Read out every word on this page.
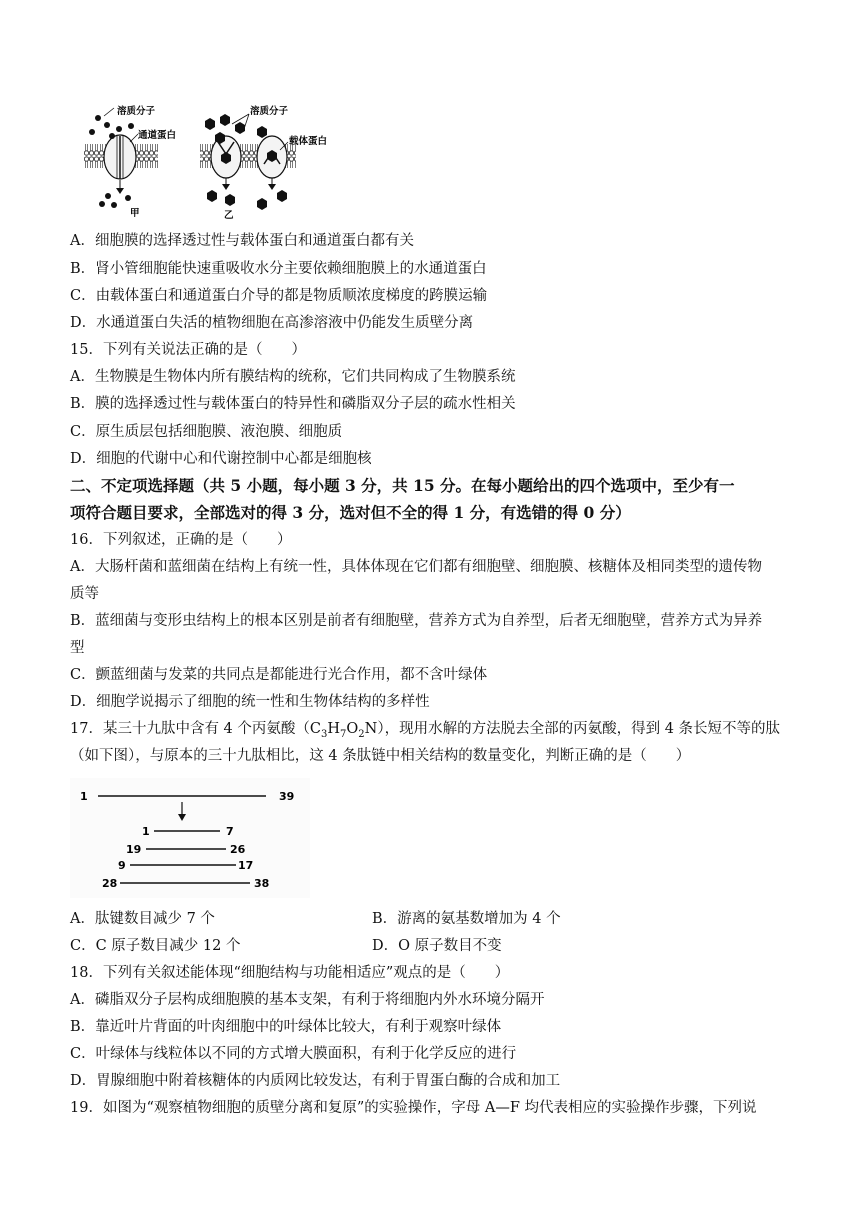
溶质分子
通道蛋白
甲
溶质分子
载体蛋白
乙
A．细胞膜的选择透过性与载体蛋白和通道蛋白都有关
B．肾小管细胞能快速重吸收水分主要依赖细胞膜上的水通道蛋白
C．由载体蛋白和通道蛋白介导的都是物质顺浓度梯度的跨膜运输
D．水通道蛋白失活的植物细胞在高渗溶液中仍能发生质壁分离
15．下列有关说法正确的是（　　）
A．生物膜是生物体内所有膜结构的统称，它们共同构成了生物膜系统
B．膜的选择透过性与载体蛋白的特异性和磷脂双分子层的疏水性相关
C．原生质层包括细胞膜、液泡膜、细胞质
D．细胞的代谢中心和代谢控制中心都是细胞核
二、不定项选择题（共 5 小题，每小题 3 分，共 15 分。在每小题给出的四个选项中，至少有一
项符合题目要求，全部选对的得 3 分，选对但不全的得 1 分，有选错的得 0 分）
16．下列叙述，正确的是（　　）
A．大肠杆菌和蓝细菌在结构上有统一性，具体体现在它们都有细胞壁、细胞膜、核糖体及相同类型的遗传物
质等
B．蓝细菌与变形虫结构上的根本区别是前者有细胞壁，营养方式为自养型，后者无细胞壁，营养方式为异养
型
C．颤蓝细菌与发菜的共同点是都能进行光合作用，都不含叶绿体
D．细胞学说揭示了细胞的统一性和生物体结构的多样性
17．某三十九肽中含有 4 个丙氨酸$(C_3H_7O_2N)$，现用水解的方法脱去全部的丙氨酸，得到 4 条长短不等的肽
（如下图），与原本的三十九肽相比，这 4 条肽链中相关结构的数量变化，判断正确的是（　　）
1	39
1	7
19	26
9	17
28	38
A．肽键数目减少 7 个	B．游离的氨基数增加为 4 个
C．C 原子数目减少 12 个	D．O 原子数目不变
18．下列有关叙述能体现“细胞结构与功能相适应”观点的是（　　）
A．磷脂双分子层构成细胞膜的基本支架，有利于将细胞内外水环境分隔开
B．靠近叶片背面的叶肉细胞中的叶绿体比较大，有利于观察叶绿体
C．叶绿体与线粒体以不同的方式增大膜面积，有利于化学反应的进行
D．胃腺细胞中附着核糖体的内质网比较发达，有利于胃蛋白酶的合成和加工
19．如图为“观察植物细胞的质壁分离和复原”的实验操作，字母 A—F 均代表相应的实验操作步骤，下列说
